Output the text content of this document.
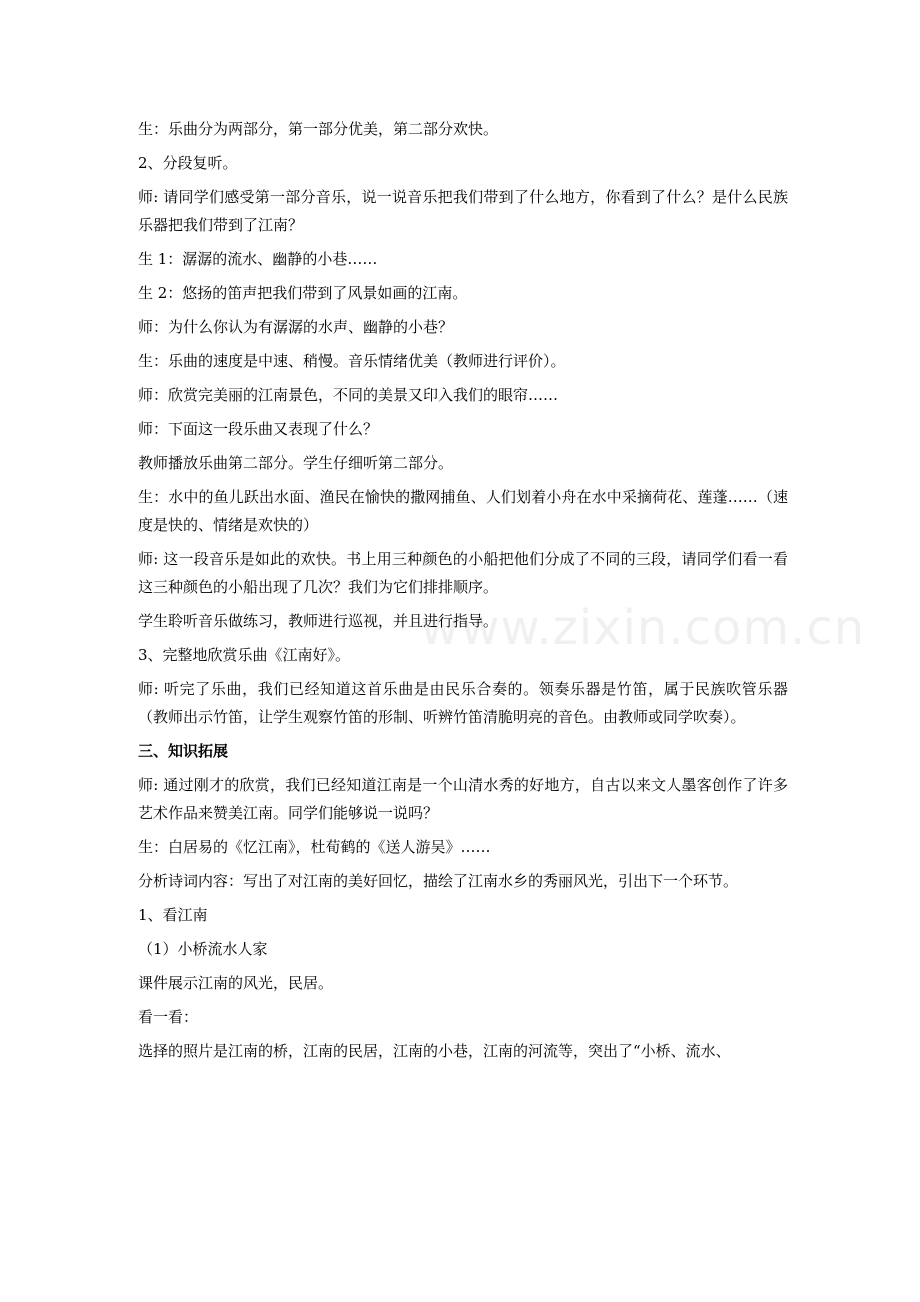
生：乐曲分为两部分，第一部分优美，第二部分欢快。

2、分段复听。

师: 请同学们感受第一部分音乐，说一说音乐把我们带到了什么地方，你看到了什么？是什么民族乐器把我们带到了江南？

生 1：潺潺的流水、幽静的小巷……

生 2：悠扬的笛声把我们带到了风景如画的江南。

师：为什么你认为有潺潺的水声、幽静的小巷？

生：乐曲的速度是中速、稍慢。音乐情绪优美（教师进行评价）。

师：欣赏完美丽的江南景色，不同的美景又印入我们的眼帘……

师：下面这一段乐曲又表现了什么？

教师播放乐曲第二部分。学生仔细听第二部分。

生：水中的鱼儿跃出水面、渔民在愉快的撒网捕鱼、人们划着小舟在水中采摘荷花、莲蓬……（速度是快的、情绪是欢快的）

师: 这一段音乐是如此的欢快。书上用三种颜色的小船把他们分成了不同的三段，请同学们看一看这三种颜色的小船出现了几次？我们为它们排排顺序。

学生聆听音乐做练习，教师进行巡视，并且进行指导。

3、完整地欣赏乐曲《江南好》。

师: 听完了乐曲，我们已经知道这首乐曲是由民乐合奏的。领奏乐器是竹笛，属于民族吹管乐器（教师出示竹笛，让学生观察竹笛的形制、听辨竹笛清脆明亮的音色。由教师或同学吹奏）。

三、知识拓展

师: 通过刚才的欣赏，我们已经知道江南是一个山清水秀的好地方，自古以来文人墨客创作了许多艺术作品来赞美江南。同学们能够说一说吗？

生：白居易的《忆江南》，杜荀鹤的《送人游吴》……

分析诗词内容：写出了对江南的美好回忆，描绘了江南水乡的秀丽风光，引出下一个环节。

1、看江南

（1）小桥流水人家

课件展示江南的风光，民居。

看一看：

选择的照片是江南的桥，江南的民居，江南的小巷，江南的河流等，突出了“小桥、流水、

www.zixin.com.cn
